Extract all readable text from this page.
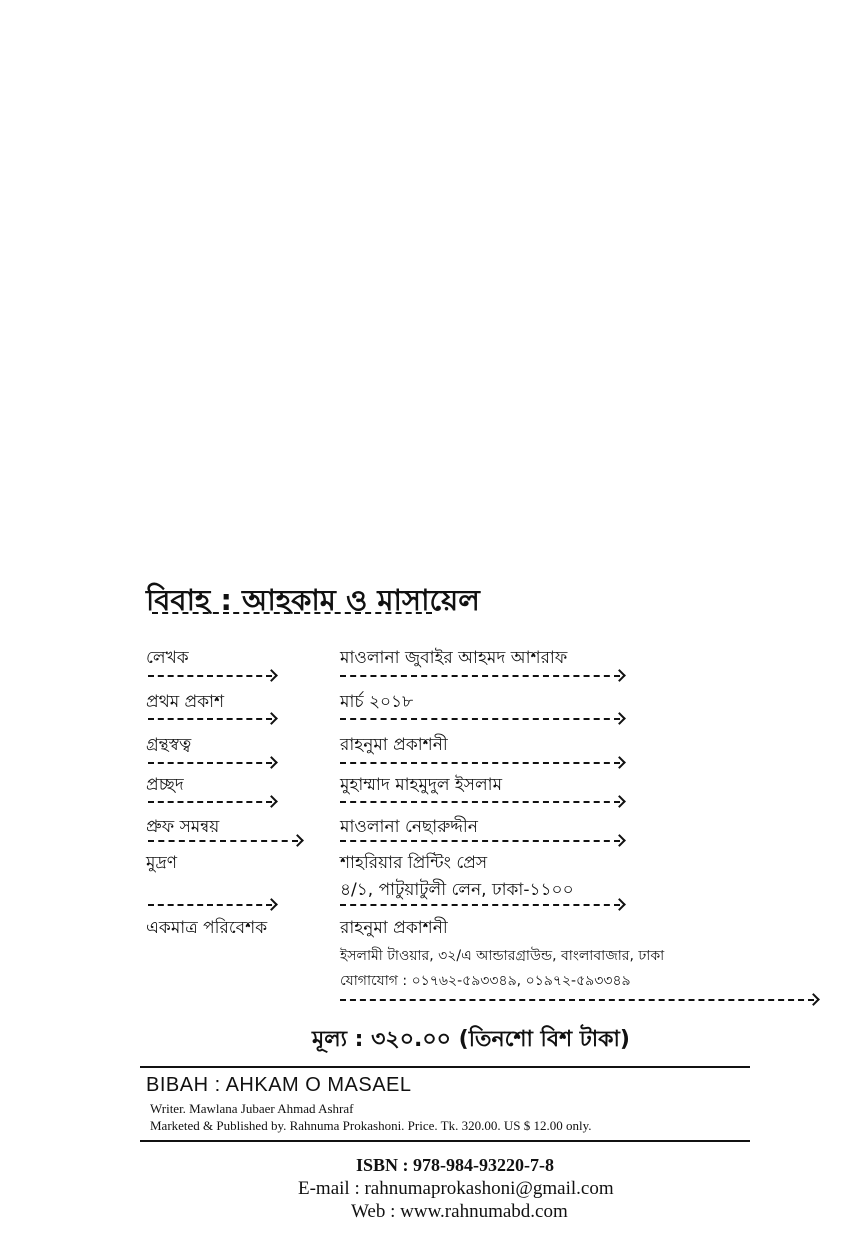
বিবাহ : আহকাম ও মাসায়েল
লেখক	মাওলানা জুবাইর আহমদ আশরাফ
প্রথম প্রকাশ	মার্চ ২০১৮
গ্রন্থস্বত্ব	রাহনুমা প্রকাশনী
প্রচ্ছদ	মুহাম্মাদ মাহমুদুল ইসলাম
প্রুফ সমন্বয়	মাওলানা নেছারুদ্দীন
মুদ্রণ	শাহরিয়ার প্রিন্টিং প্রেস
৪/১, পাটুয়াটুলী লেন, ঢাকা-১১০০
একমাত্র পরিবেশক	রাহনুমা প্রকাশনী
ইসলামী টাওয়ার, ৩২/এ আন্ডারগ্রাউন্ড, বাংলাবাজার, ঢাকা
যোগাযোগ : ০১৭৬২-৫৯৩৩৪৯, ০১৯৭২-৫৯৩৩৪৯
মূল্য : ৩২০.০০ (তিনশো বিশ টাকা)
BIBAH : AHKAM O MASAEL
Writer. Mawlana Jubaer Ahmad Ashraf
Marketed & Published by. Rahnuma Prokashoni. Price. Tk. 320.00. US $ 12.00 only.
ISBN : 978-984-93220-7-8
E-mail : rahnumaprokashoni@gmail.com
Web : www.rahnumabd.com
